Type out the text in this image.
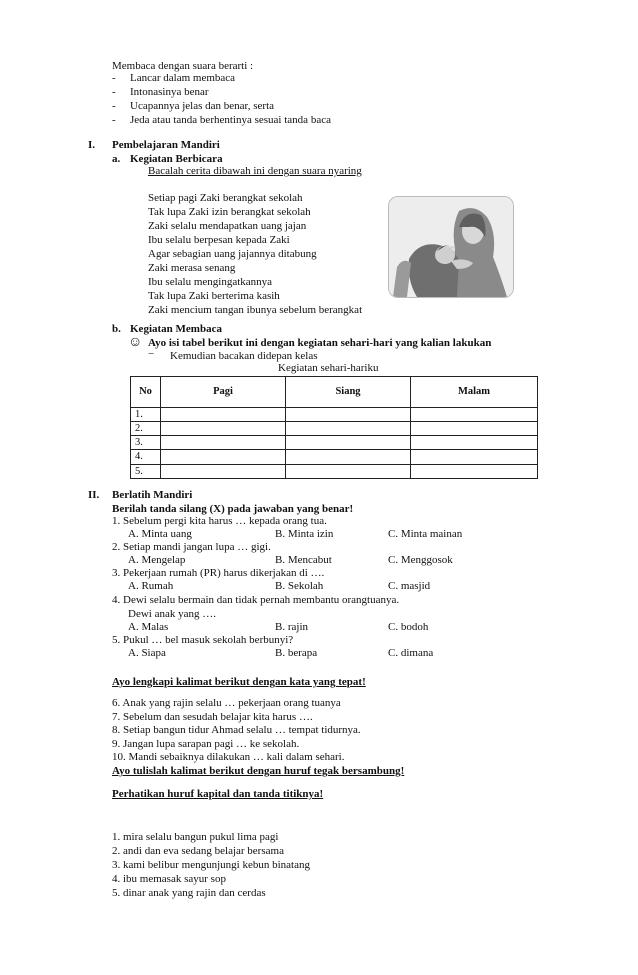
Membaca dengan suara berarti :
- Lancar dalam membaca
- Intonasinya benar
- Ucapannya jelas dan benar, serta
- Jeda atau tanda berhentinya sesuai tanda baca
I. Pembelajaran Mandiri
a. Kegiatan Berbicara
Bacalah cerita dibawah ini dengan suara nyaring
Setiap pagi Zaki berangkat sekolah
Tak lupa Zaki izin berangkat sekolah
Zaki selalu mendapatkan uang jajan
Ibu selalu berpesan kepada Zaki
Agar sebagian uang jajannya ditabung
Zaki merasa senang
Ibu selalu mengingatkannya
Tak lupa Zaki berterima kasih
Zaki mencium tangan ibunya sebelum berangkat
b. Kegiatan Membaca
☺ Ayo isi tabel berikut ini dengan kegiatan sehari-hari yang kalian lakukan
− Kemudian bacakan didepan kelas
Kegiatan sehari-hariku
No	Pagi	Siang	Malam
1.			
2.			
3.			
4.			
5.			
II. Berlatih Mandiri
Berilah tanda silang (X) pada jawaban yang benar!
1. Sebelum pergi kita harus … kepada orang tua.
A. Minta uang	B. Minta izin	C. Minta mainan
2. Setiap mandi jangan lupa … gigi.
A. Mengelap	B. Mencabut	C. Menggosok
3. Pekerjaan rumah (PR) harus dikerjakan di ….
A. Rumah	B. Sekolah	C. masjid
4. Dewi selalu bermain dan tidak pernah membantu orangtuanya.
Dewi anak yang ….
A. Malas	B. rajin	C. bodoh
5. Pukul … bel masuk sekolah berbunyi?
A. Siapa	B. berapa	C. dimana
Ayo lengkapi kalimat berikut dengan kata yang tepat!
6. Anak yang rajin selalu … pekerjaan orang tuanya
7. Sebelum dan sesudah belajar kita harus ….
8. Setiap bangun tidur Ahmad selalu … tempat tidurnya.
9. Jangan lupa sarapan pagi … ke sekolah.
10. Mandi sebaiknya dilakukan … kali dalam sehari.
Ayo tulislah kalimat berikut dengan huruf tegak bersambung!
Perhatikan huruf kapital dan tanda titiknya!
1. mira selalu bangun pukul lima pagi
2. andi dan eva sedang belajar bersama
3. kami belibur mengunjungi kebun binatang
4. ibu memasak sayur sop
5. dinar anak yang rajin dan cerdas
